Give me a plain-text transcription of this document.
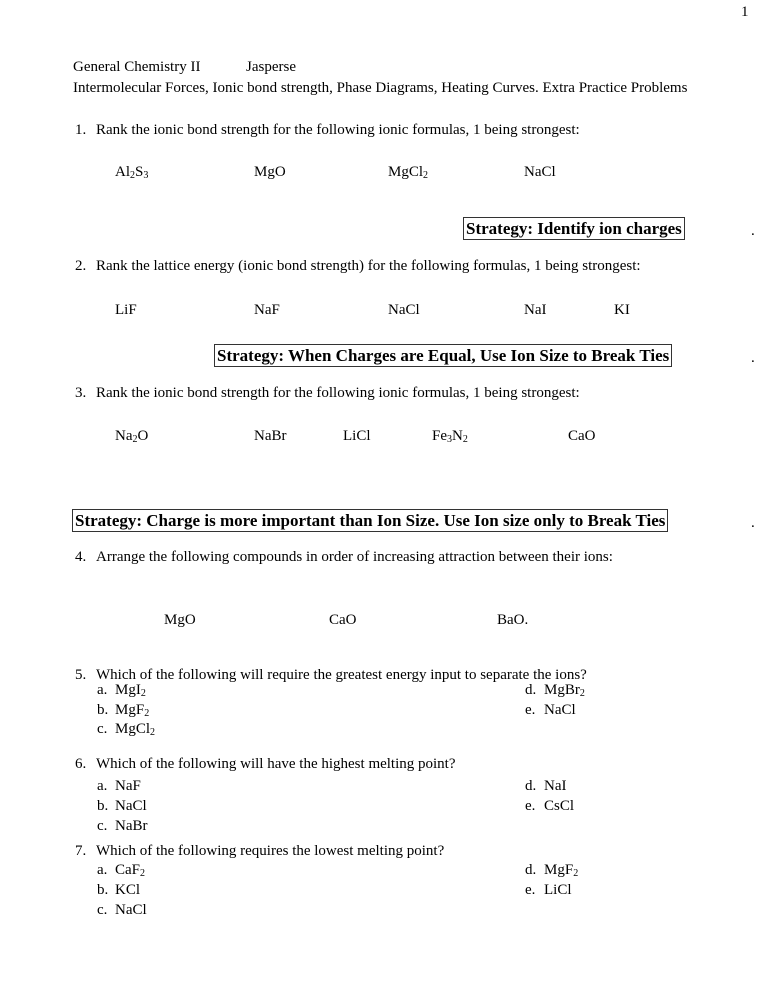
1
General Chemistry II	Jasperse
Intermolecular Forces, Ionic bond strength, Phase Diagrams, Heating Curves. Extra Practice Problems
1. Rank the ionic bond strength for the following ionic formulas, 1 being strongest:
$Al_2S_3$	MgO	MgCl$_2$	NaCl
Strategy: Identify ion charges	.
2. Rank the lattice energy (ionic bond strength) for the following formulas, 1 being strongest:
LiF	NaF	NaCl	NaI	KI
Strategy: When Charges are Equal, Use Ion Size to Break Ties	.
3. Rank the ionic bond strength for the following ionic formulas, 1 being strongest:
$Na_2O$	NaBr	LiCl	$Fe_3N_2$	CaO
Strategy: Charge is more important than Ion Size. Use Ion size only to Break Ties	.
4. Arrange the following compounds in order of increasing attraction between their ions:
MgO	CaO	BaO.
5. Which of the following will require the greatest energy input to separate the ions?
a. MgI$_2$
b. MgF$_2$
c. MgCl$_2$
d. MgBr$_2$
e. NaCl
6. Which of the following will have the highest melting point?
a. NaF
b. NaCl
c. NaBr
d. NaI
e. CsCl
7. Which of the following requires the lowest melting point?
a. CaF$_2$
b. KCl
c. NaCl
d. MgF$_2$
e. LiCl
